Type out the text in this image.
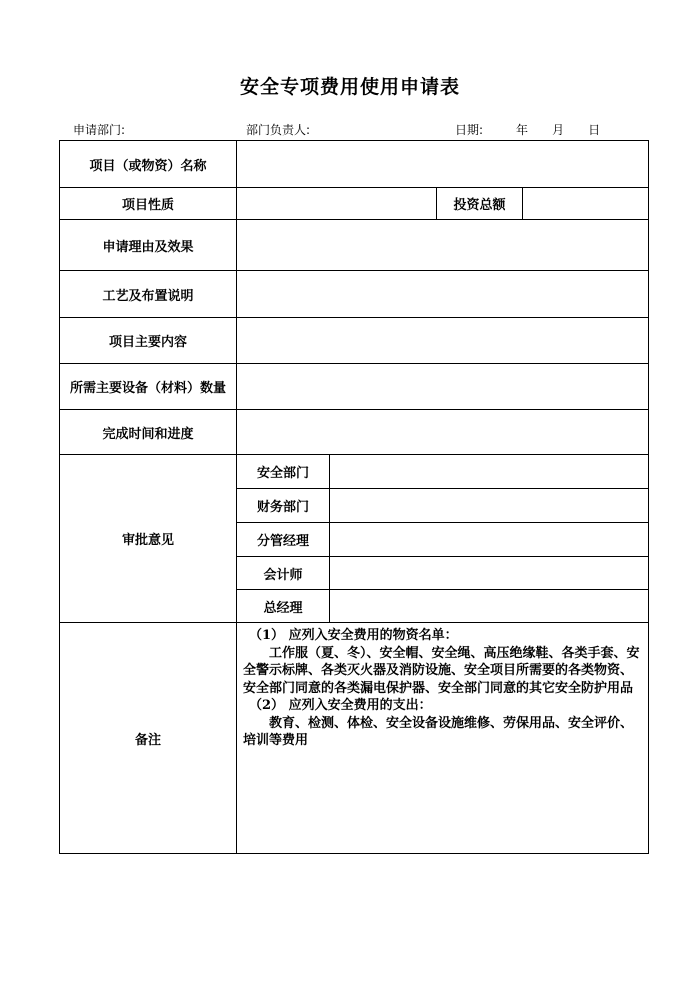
安全专项费用使用申请表
申请部门:	部门负责人:	日期:	年 月 日
项目（或物资）名称				
项目性质			投资总额	
申请理由及效果				
工艺及布置说明				
项目主要内容				
所需主要设备（材料）数量				
完成时间和进度				
审批意见	安全部门			
	财务部门			
	分管经理			
	会计师			
	总经理			
备注	（1） 应列入安全费用的物资名单：
工作服（夏、冬）、安全帽、安全绳、高压绝缘鞋、各类手套、安全警示标牌、各类灭火器及消防设施、安全项目所需要的各类物资、安全部门同意的各类漏电保护器、安全部门同意的其它安全防护用品
（2） 应列入安全费用的支出：
教育、检测、体检、安全设备设施维修、劳保用品、安全评价、培训等费用			
